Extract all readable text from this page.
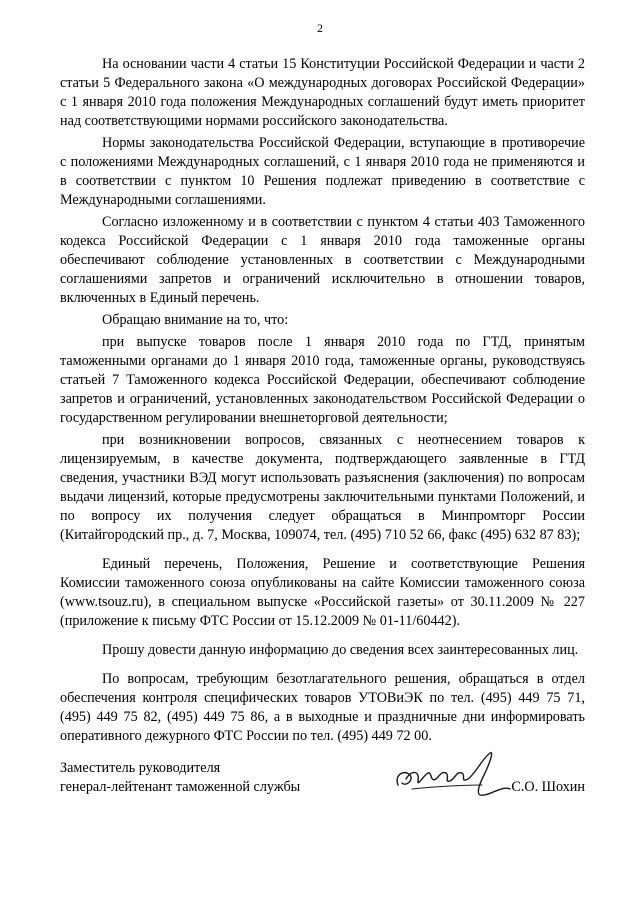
2

На основании части 4 статьи 15 Конституции Российской Федерации и части 2 статьи 5 Федерального закона «О международных договорах Российской Федерации» с 1 января 2010 года положения Международных соглашений будут иметь приоритет над соответствующими нормами российского законодательства.

Нормы законодательства Российской Федерации, вступающие в противоречие с положениями Международных соглашений, с 1 января 2010 года не применяются и в соответствии с пунктом 10 Решения подлежат приведению в соответствие с Международными соглашениями.

Согласно изложенному и в соответствии с пунктом 4 статьи 403 Таможенного кодекса Российской Федерации с 1 января 2010 года таможенные органы обеспечивают соблюдение установленных в соответствии с Международными соглашениями запретов и ограничений исключительно в отношении товаров, включенных в Единый перечень.

Обращаю внимание на то, что:

при выпуске товаров после 1 января 2010 года по ГТД, принятым таможенными органами до 1 января 2010 года, таможенные органы, руководствуясь статьей 7 Таможенного кодекса Российской Федерации, обеспечивают соблюдение запретов и ограничений, установленных законодательством Российской Федерации о государственном регулировании внешнеторговой деятельности;

при возникновении вопросов, связанных с неотнесением товаров к лицензируемым, в качестве документа, подтверждающего заявленные в ГТД сведения, участники ВЭД могут использовать разъяснения (заключения) по вопросам выдачи лицензий, которые предусмотрены заключительными пунктами Положений, и по вопросу их получения следует обращаться в Минпромторг России (Китайгородский пр., д. 7, Москва, 109074, тел. (495) 710 52 66, факс (495) 632 87 83);

Единый перечень, Положения, Решение и соответствующие Решения Комиссии таможенного союза опубликованы на сайте Комиссии таможенного союза (www.tsouz.ru), в специальном выпуске «Российской газеты» от 30.11.2009 № 227 (приложение к письму ФТС России от 15.12.2009 № 01-11/60442).

Прошу довести данную информацию до сведения всех заинтересованных лиц.

По вопросам, требующим безотлагательного решения, обращаться в отдел обеспечения контроля специфических товаров УТОВиЭК по тел. (495) 449 75 71, (495) 449 75 82, (495) 449 75 86, а в выходные и праздничные дни информировать оперативного дежурного ФТС России по тел. (495) 449 72 00.

Заместитель руководителя
генерал-лейтенант таможенной службы	С.О. Шохин
